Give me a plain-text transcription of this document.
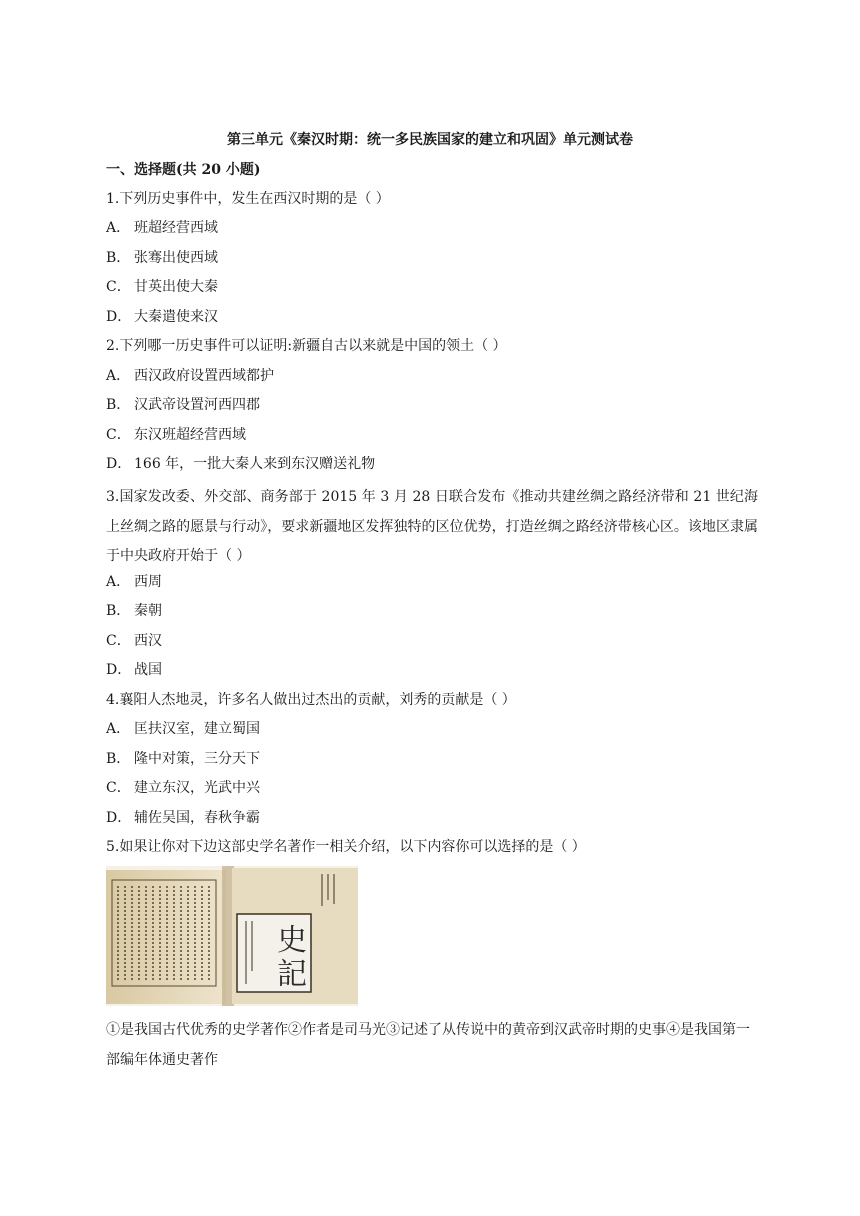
第三单元《秦汉时期：统一多民族国家的建立和巩固》单元测试卷
一、选择题(共 20 小题)
1.下列历史事件中，发生在西汉时期的是（ ）
A． 班超经营西域
B． 张骞出使西域
C． 甘英出使大秦
D． 大秦遣使来汉
2.下列哪一历史事件可以证明:新疆自古以来就是中国的领土（ ）
A． 西汉政府设置西域都护
B． 汉武帝设置河西四郡
C． 东汉班超经营西域
D． 166 年，一批大秦人来到东汉赠送礼物
3.国家发改委、外交部、商务部于 2015 年 3 月 28 日联合发布《推动共建丝绸之路经济带和 21 世纪海上丝绸之路的愿景与行动》，要求新疆地区发挥独特的区位优势，打造丝绸之路经济带核心区。该地区隶属于中央政府开始于（ ）
A． 西周
B． 秦朝
C． 西汉
D． 战国
4.襄阳人杰地灵，许多名人做出过杰出的贡献，刘秀的贡献是（ ）
A． 匡扶汉室，建立蜀国
B． 隆中对策，三分天下
C． 建立东汉，光武中兴
D． 辅佐吴国，春秋争霸
5.如果让你对下边这部史学名著作一相关介绍，以下内容你可以选择的是（ ）
史
記
①是我国古代优秀的史学著作②作者是司马光③记述了从传说中的黄帝到汉武帝时期的史事④是我国第一部编年体通史著作
